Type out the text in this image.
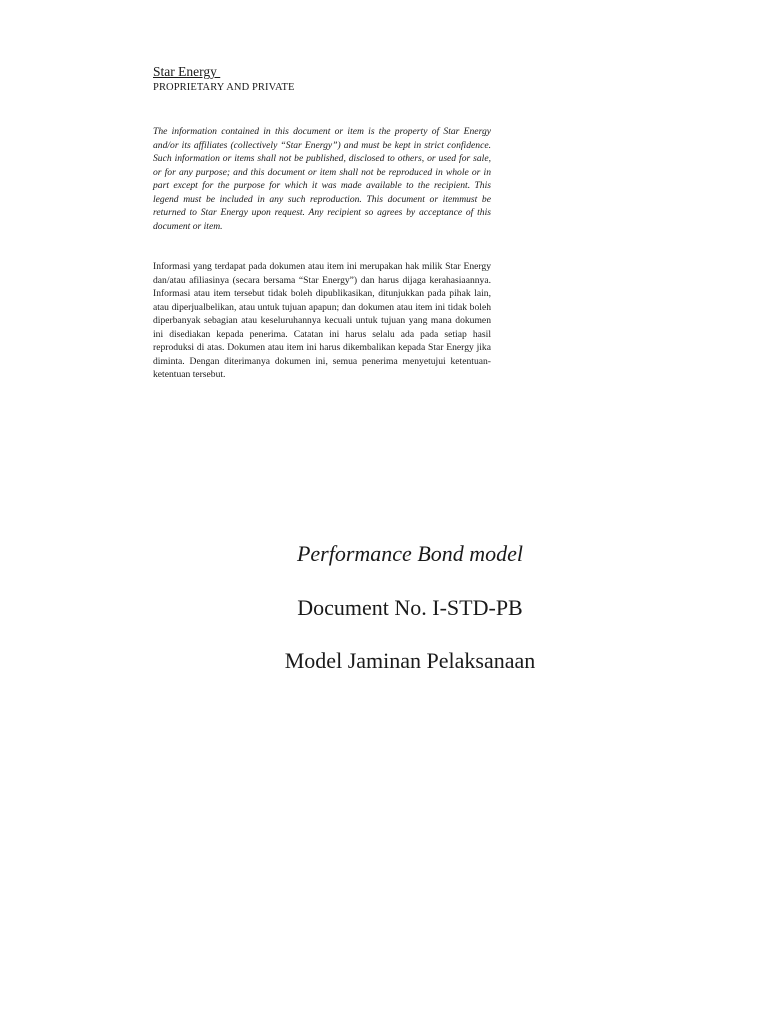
Star Energy
PROPRIETARY AND PRIVATE

The information contained in this document or item is the property of Star Energy and/or its affiliates (collectively “Star Energy”) and must be kept in strict confidence. Such information or items shall not be published, disclosed to others, or used for sale, or for any purpose; and this document or item shall not be reproduced in whole or in part except for the purpose for which it was made available to the recipient. This legend must be included in any such reproduction. This document or itemmust be returned to Star Energy upon request. Any recipient so agrees by acceptance of this document or item.

Informasi yang terdapat pada dokumen atau item ini merupakan hak milik Star Energy dan/atau afiliasinya (secara bersama “Star Energy”) dan harus dijaga kerahasiaannya. Informasi atau item tersebut tidak boleh dipublikasikan, ditunjukkan pada pihak lain, atau diperjualbelikan, atau untuk tujuan apapun; dan dokumen atau item ini tidak boleh diperbanyak sebagian atau keseluruhannya kecuali untuk tujuan yang mana dokumen ini disediakan kepada penerima. Catatan ini harus selalu ada pada setiap hasil reproduksi di atas. Dokumen atau item ini harus dikembalikan kepada Star Energy jika diminta. Dengan diterimanya dokumen ini, semua penerima menyetujui ketentuan-ketentuan tersebut.

Performance Bond model
Document No. I-STD-PB
Model Jaminan Pelaksanaan
